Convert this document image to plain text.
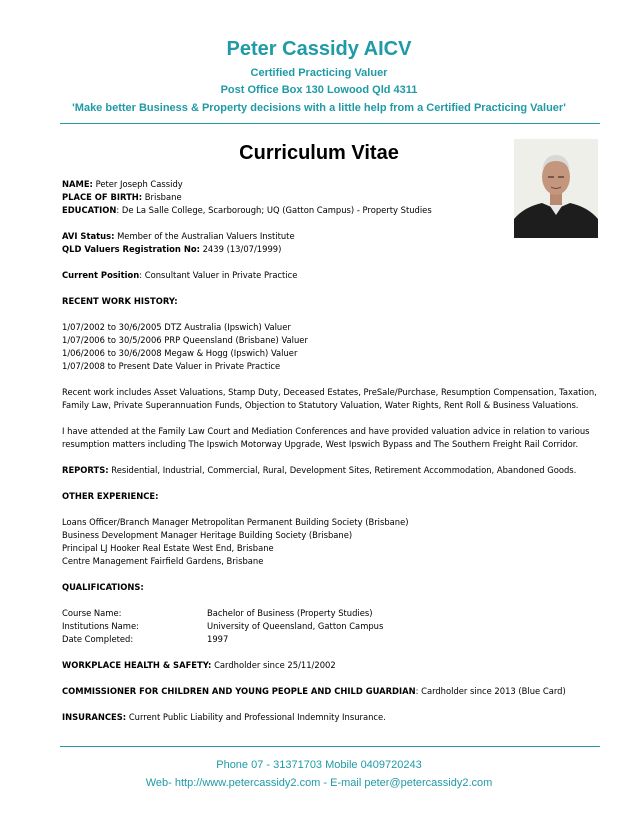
Peter Cassidy AICV
Certified Practicing Valuer
Post Office Box 130 Lowood Qld 4311
'Make better Business & Property decisions with a little help from a Certified Practicing Valuer'
Curriculum Vitae

NAME: Peter Joseph Cassidy

PLACE OF BIRTH: Brisbane

EDUCATION: De La Salle College, Scarborough; UQ (Gatton Campus) - Property Studies

AVI Status: Member of the Australian Valuers Institute

QLD Valuers Registration No: 2439 (13/07/1999)

Current Position: Consultant Valuer in Private Practice

RECENT WORK HISTORY:

1/07/2002 to 30/6/2005 DTZ Australia (Ipswich) Valuer

1/07/2006 to 30/5/2006 PRP Queensland (Brisbane) Valuer

1/06/2006 to 30/6/2008 Megaw & Hogg (Ipswich) Valuer

1/07/2008 to Present Date Valuer in Private Practice

Recent work includes Asset Valuations, Stamp Duty, Deceased Estates, PreSale/Purchase, Resumption Compensation, Taxation, Family Law, Private Superannuation Funds, Objection to Statutory Valuation, Water Rights, Rent Roll & Business Valuations.

I have attended at the Family Law Court and Mediation Conferences and have provided valuation advice in relation to various resumption matters including The Ipswich Motorway Upgrade, West Ipswich Bypass and The Southern Freight Rail Corridor.

REPORTS: Residential, Industrial, Commercial, Rural, Development Sites, Retirement Accommodation, Abandoned Goods.

OTHER EXPERIENCE:

Loans Officer/Branch Manager Metropolitan Permanent Building Society (Brisbane)

Business Development Manager Heritage Building Society (Brisbane)

Principal LJ Hooker Real Estate West End, Brisbane

Centre Management Fairfield Gardens, Brisbane

QUALIFICATIONS:

Course Name:	Bachelor of Business (Property Studies)
Institutions Name:	University of Queensland, Gatton Campus
Date Completed:	1997

WORKPLACE HEALTH & SAFETY: Cardholder since 25/11/2002

COMMISSIONER FOR CHILDREN AND YOUNG PEOPLE AND CHILD GUARDIAN: Cardholder since 2013 (Blue Card)

INSURANCES: Current Public Liability and Professional Indemnity Insurance.

Phone 07 - 31371703 Mobile 0409720243
Web- http://www.petercassidy2.com - E-mail peter@petercassidy2.com
